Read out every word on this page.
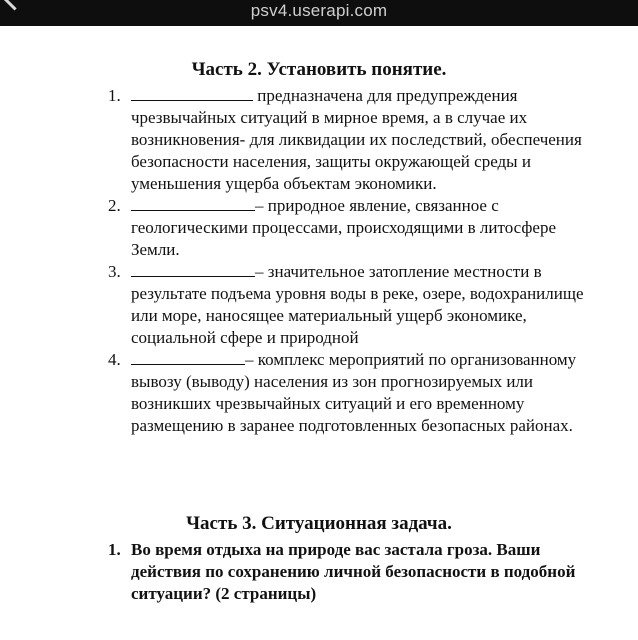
psv4.userapi.com
Часть 2. Установить понятие.
1.	предназначена для предупреждения чрезвычайных ситуаций в мирное время, а в случае их возникновения- для ликвидации их последствий, обеспечения безопасности населения, защиты окружающей среды и уменьшения ущерба объектам экономики.
2.	– природное явление, связанное с геологическими процессами, происходящими в литосфере Земли.
3.	– значительное затопление местности в результате подъема уровня воды в реке, озере, водохранилище или море, наносящее материальный ущерб экономике, социальной сфере и природной
4.	– комплекс мероприятий по организованному вывозу (выводу) населения из зон прогнозируемых или возникших чрезвычайных ситуаций и его временному размещению в заранее подготовленных безопасных районах.
Часть 3. Ситуационная задача.
1. Во время отдыха на природе вас застала гроза. Ваши действия по сохранению личной безопасности в подобной ситуации? (2 страницы)
